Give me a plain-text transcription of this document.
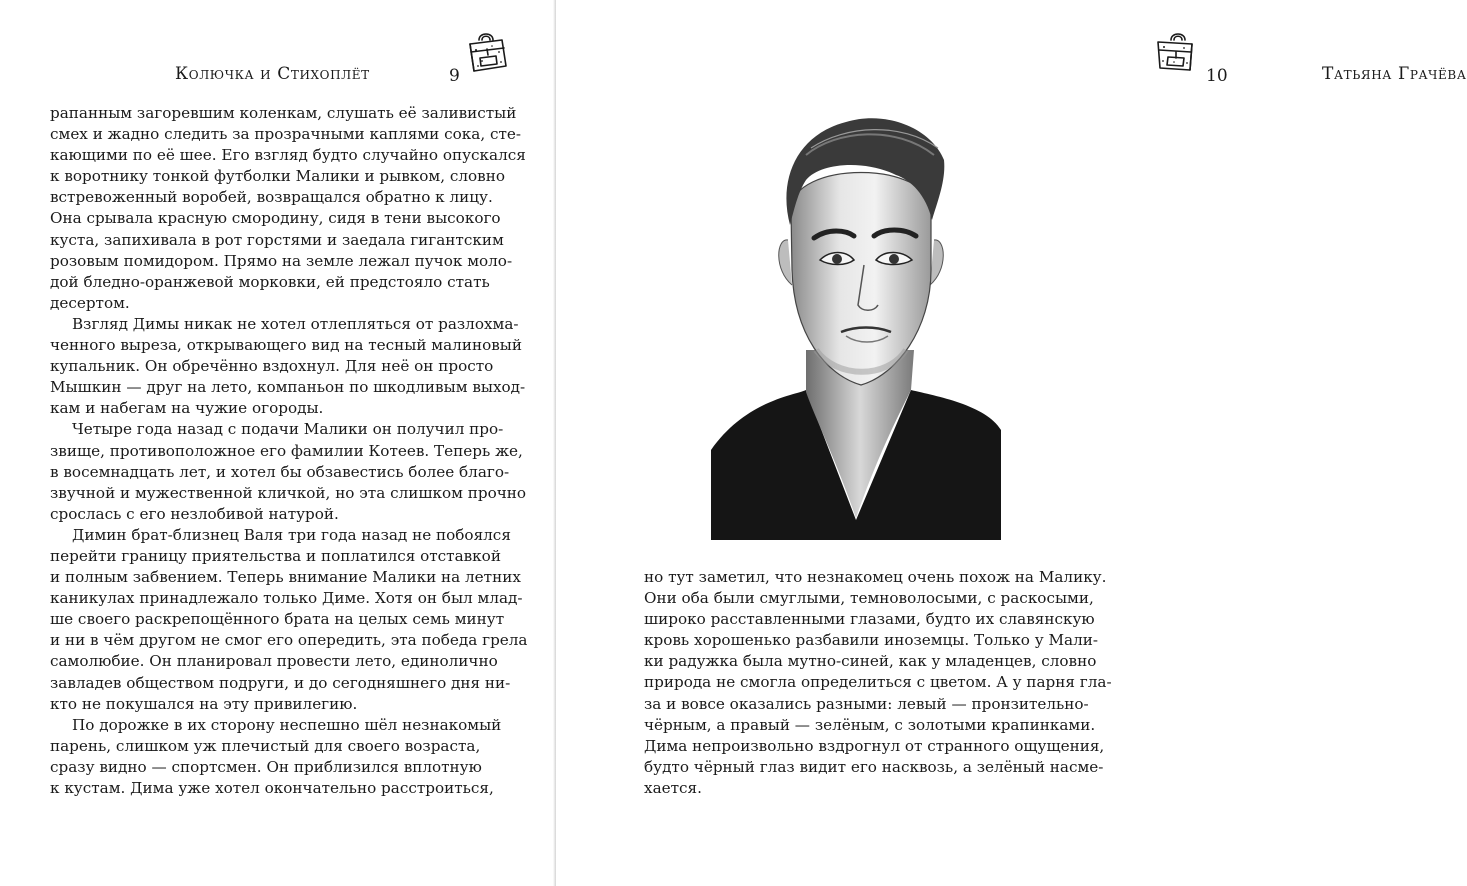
Колючка и Стихоплёт	9
рапанным загоревшим коленкам, слушать её заливистый
смех и жадно следить за прозрачными каплями сока, сте-
кающими по её шее. Его взгляд будто случайно опускался
к воротнику тонкой футболки Малики и рывком, словно
встревоженный воробей, возвращался обратно к лицу.
Она срывала красную смородину, сидя в тени высокого
куста, запихивала в рот горстями и заедала гигантским
розовым помидором. Прямо на земле лежал пучок моло-
дой бледно-оранжевой морковки, ей предстояло стать
десертом.
Взгляд Димы никак не хотел отлепляться от разлохма-
ченного выреза, открывающего вид на тесный малиновый
купальник. Он обречённо вздохнул. Для неё он просто
Мышкин — друг на лето, компаньон по шкодливым выход-
кам и набегам на чужие огороды.
Четыре года назад с подачи Малики он получил про-
звище, противоположное его фамилии Котеев. Теперь же,
в восемнадцать лет, и хотел бы обзавестись более благо-
звучной и мужественной кличкой, но эта слишком прочно
срослась с его незлобивой натурой.
Димин брат-близнец Валя три года назад не побоялся
перейти границу приятельства и поплатился отставкой
и полным забвением. Теперь внимание Малики на летних
каникулах принадлежало только Диме. Хотя он был млад-
ше своего раскрепощённого брата на целых семь минут
и ни в чём другом не смог его опередить, эта победа грела
самолюбие. Он планировал провести лето, единолично
завладев обществом подруги, и до сегодняшнего дня ни-
кто не покушался на эту привилегию.
По дорожке в их сторону неспешно шёл незнакомый
парень, слишком уж плечистый для своего возраста,
сразу видно — спортсмен. Он приблизился вплотную
к кустам. Дима уже хотел окончательно расстроиться,
10	Татьяна Грачёва
но тут заметил, что незнакомец очень похож на Малику.
Они оба были смуглыми, темноволосыми, с раскосыми,
широко расставленными глазами, будто их славянскую
кровь хорошенько разбавили иноземцы. Только у Мали-
ки радужка была мутно-синей, как у младенцев, словно
природа не смогла определиться с цветом. А у парня гла-
за и вовсе оказались разными: левый — пронзительно-
чёрным, а правый — зелёным, с золотыми крапинками.
Дима непроизвольно вздрогнул от странного ощущения,
будто чёрный глаз видит его насквозь, а зелёный насме-
хается.
